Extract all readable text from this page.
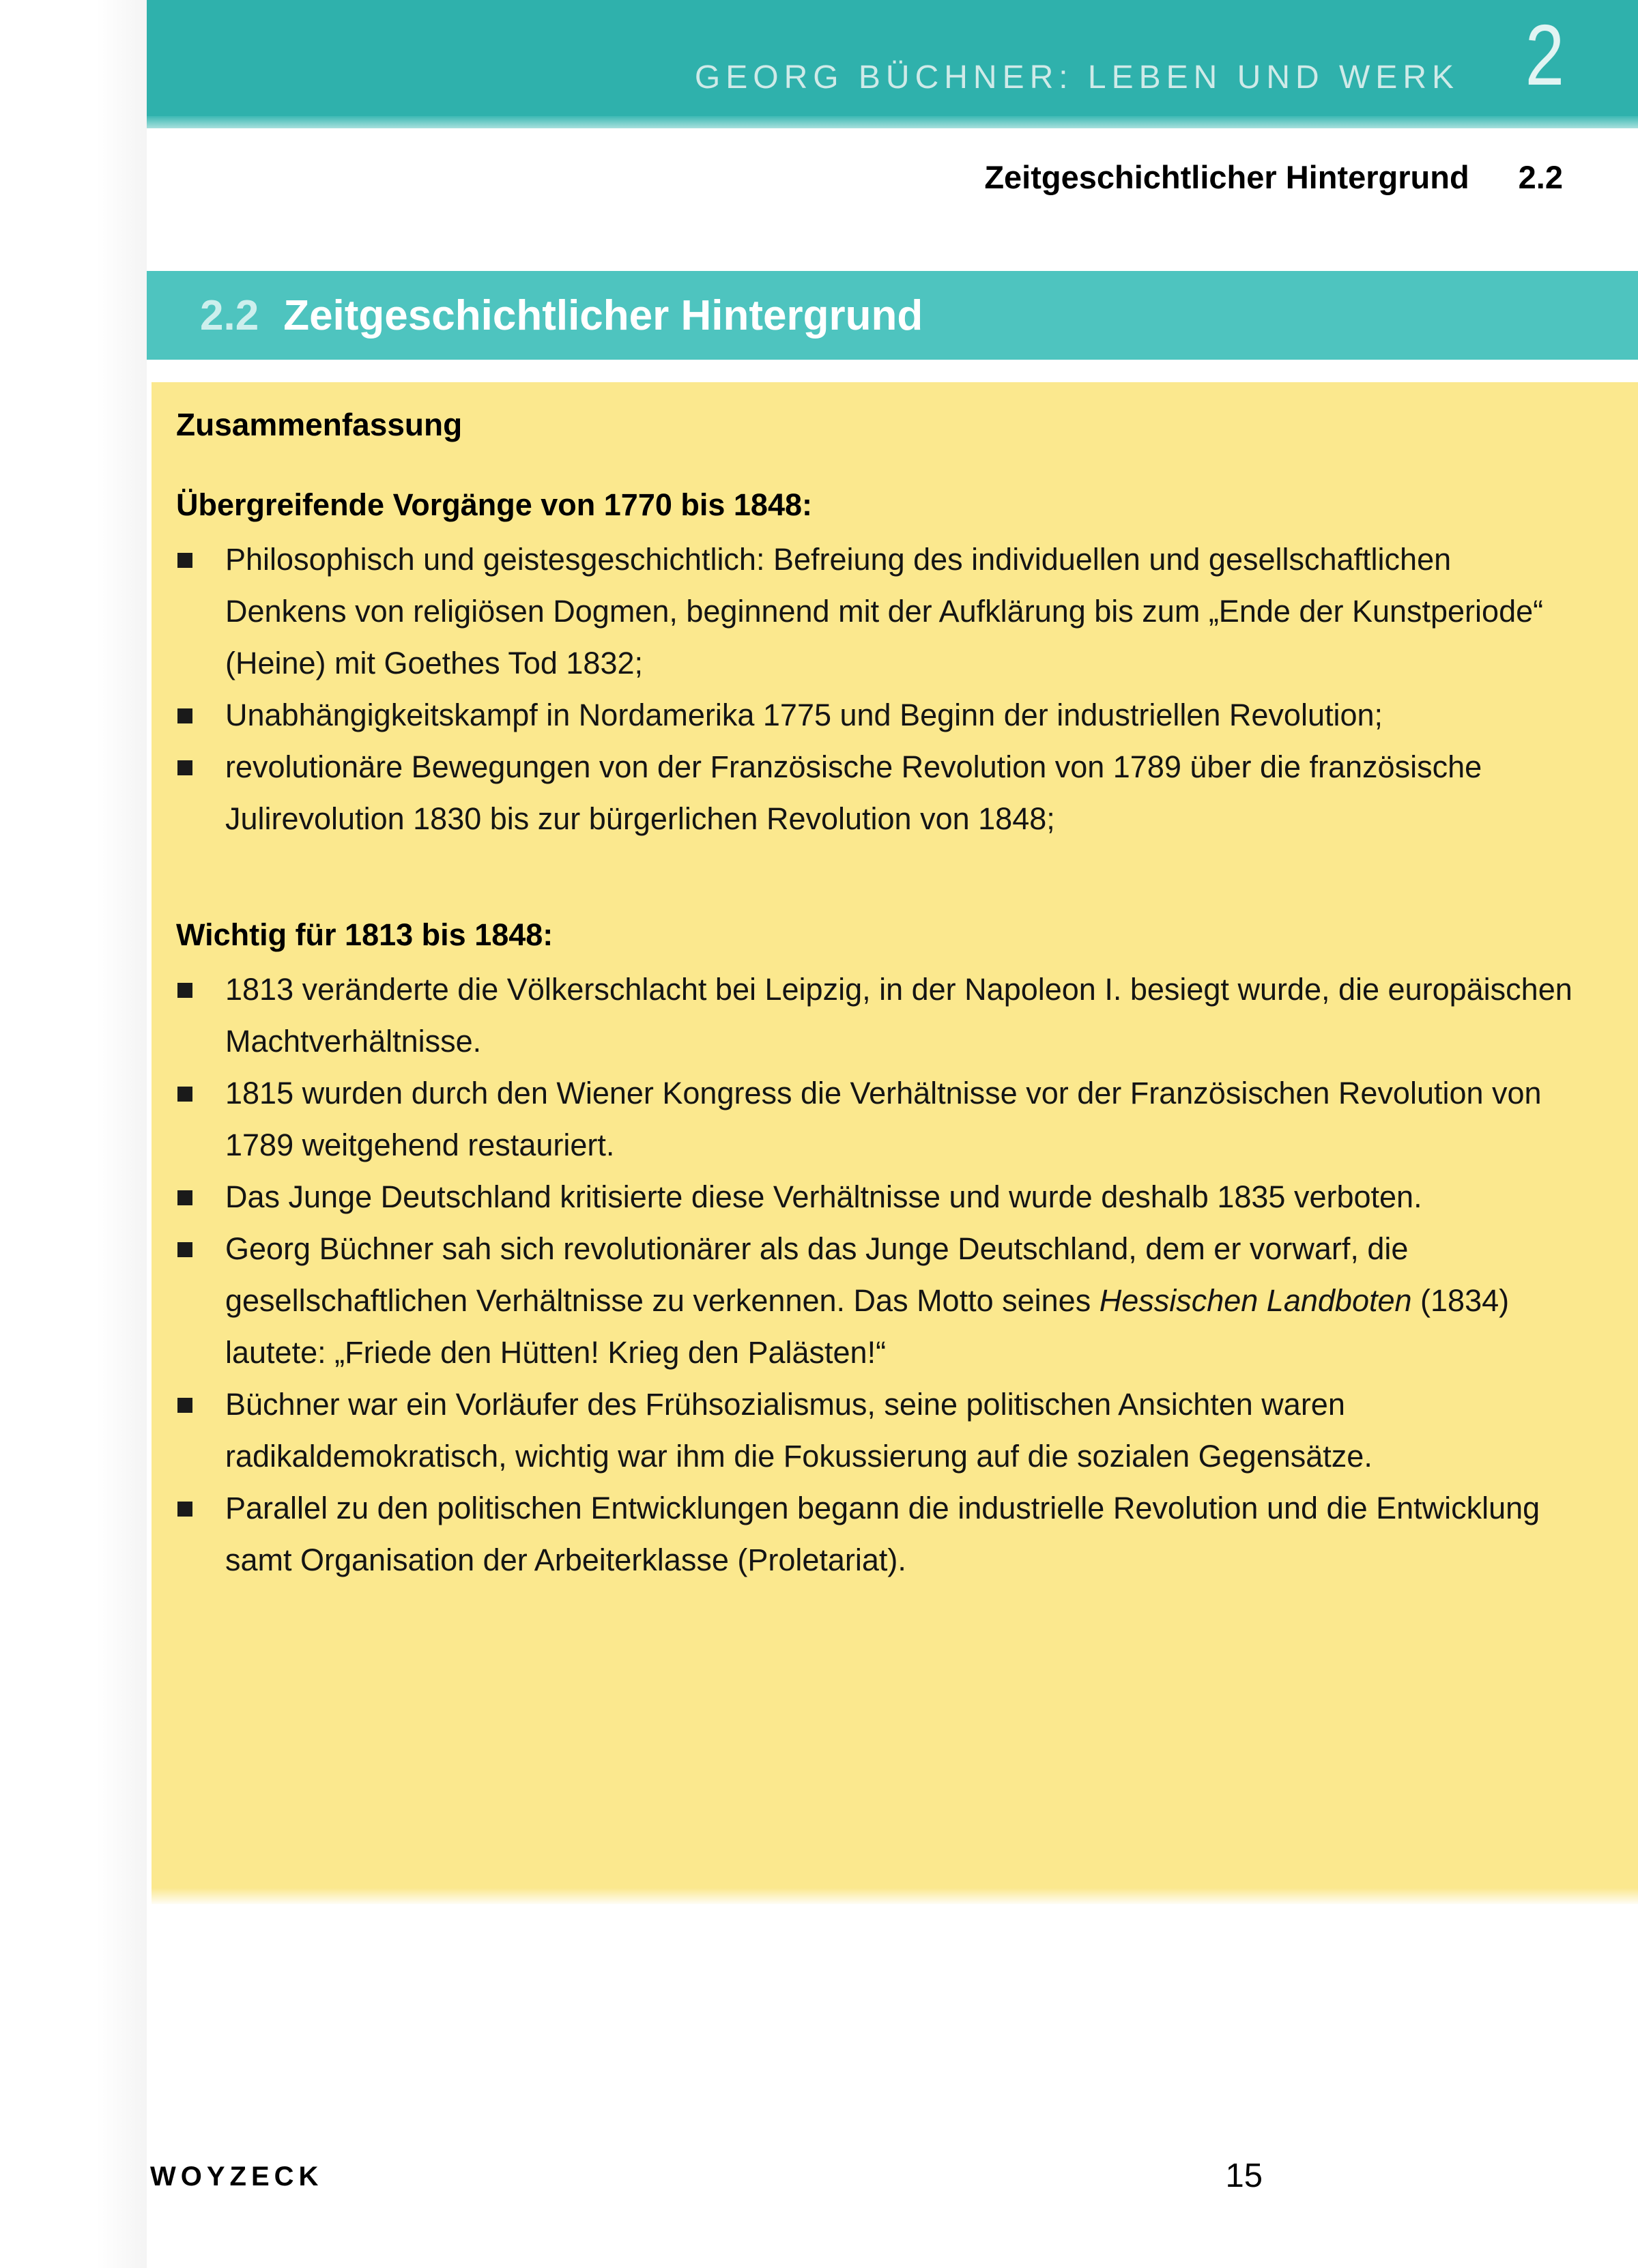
GEORG BÜCHNER: LEBEN UND WERK 2
Zeitgeschichtlicher Hintergrund 2.2
2.2 Zeitgeschichtlicher Hintergrund
Zusammenfassung
Übergreifende Vorgänge von 1770 bis 1848:
Philosophisch und geistesgeschichtlich: Befreiung des individuellen und gesellschaftlichen Denkens von religiösen Dogmen, beginnend mit der Aufklärung bis zum „Ende der Kunstperiode“ (Heine) mit Goethes Tod 1832;
Unabhängigkeitskampf in Nordamerika 1775 und Beginn der industriellen Revolution;
revolutionäre Bewegungen von der Französische Revolution von 1789 über die französische Julirevolution 1830 bis zur bürgerlichen Revolution von 1848;
Wichtig für 1813 bis 1848:
1813 veränderte die Völkerschlacht bei Leipzig, in der Napoleon I. besiegt wurde, die europäischen Machtverhältnisse.
1815 wurden durch den Wiener Kongress die Verhältnisse vor der Französischen Revolution von 1789 weitgehend restauriert.
Das Junge Deutschland kritisierte diese Verhältnisse und wurde deshalb 1835 verboten.
Georg Büchner sah sich revolutionärer als das Junge Deutschland, dem er vorwarf, die gesellschaftlichen Verhältnisse zu verkennen. Das Motto seines Hessischen Landboten (1834) lautete: „Friede den Hütten! Krieg den Palästen!“
Büchner war ein Vorläufer des Frühsozialismus, seine politischen Ansichten waren radikaldemokratisch, wichtig war ihm die Fokussierung auf die sozialen Gegensätze.
Parallel zu den politischen Entwicklungen begann die industrielle Revolution und die Entwicklung samt Organisation der Arbeiterklasse (Proletariat).
WOYZECK	15
